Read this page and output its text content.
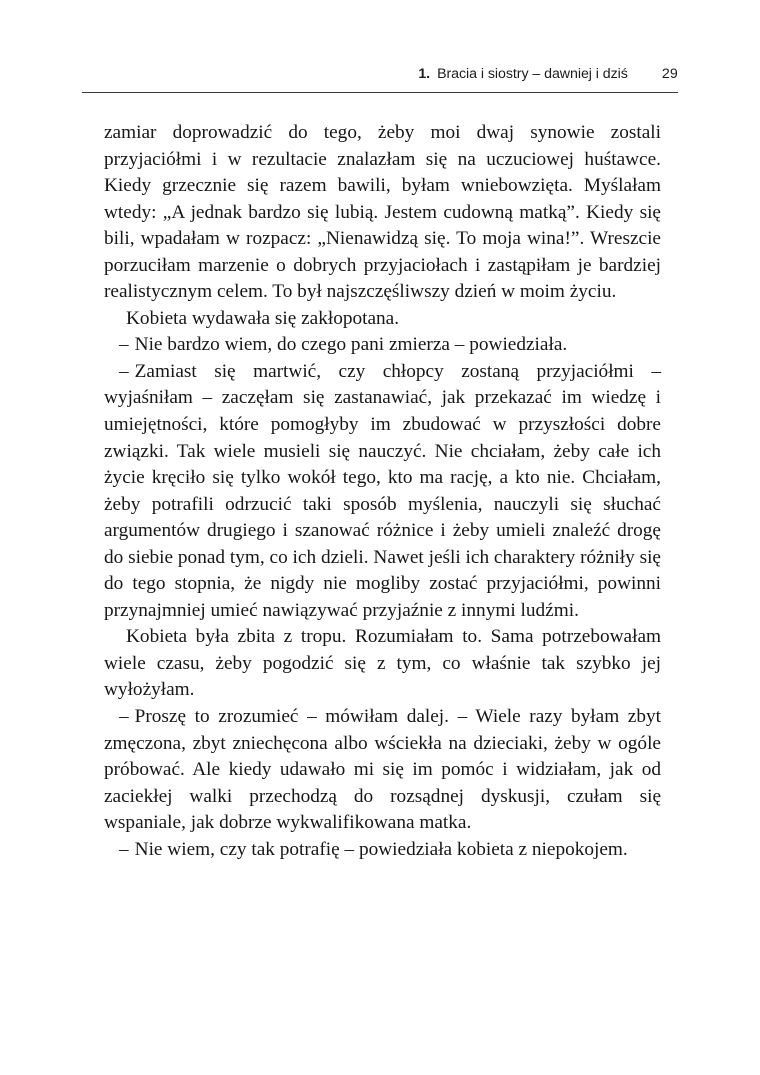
1. Bracia i siostry – dawniej i dziś 29

zamiar doprowadzić do tego, żeby moi dwaj synowie zostali przyjaciółmi i w rezultacie znalazłam się na uczuciowej huśtawce. Kiedy grzecznie się razem bawili, byłam wniebowzięta. Myślałam wtedy: „A jednak bardzo się lubią. Jestem cudowną matką”. Kiedy się bili, wpadałam w rozpacz: „Nienawidzą się. To moja wina!”. Wreszcie porzuciłam marzenie o dobrych przyjaciołach i zastąpiłam je bardziej realistycznym celem. To był najszczęśliwszy dzień w moim życiu.

Kobieta wydawała się zakłopotana.

– Nie bardzo wiem, do czego pani zmierza – powiedziała.

– Zamiast się martwić, czy chłopcy zostaną przyjaciółmi – wyjaśniłam – zaczęłam się zastanawiać, jak przekazać im wiedzę i umiejętności, które pomogłyby im zbudować w przyszłości dobre związki. Tak wiele musieli się nauczyć. Nie chciałam, żeby całe ich życie kręciło się tylko wokół tego, kto ma rację, a kto nie. Chciałam, żeby potrafili odrzucić taki sposób myślenia, nauczyli się słuchać argumentów drugiego i szanować różnice i żeby umieli znaleźć drogę do siebie ponad tym, co ich dzieli. Nawet jeśli ich charaktery różniły się do tego stopnia, że nigdy nie mogliby zostać przyjaciółmi, powinni przynajmniej umieć nawiązywać przyjaźnie z innymi ludźmi.

Kobieta była zbita z tropu. Rozumiałam to. Sama potrzebowałam wiele czasu, żeby pogodzić się z tym, co właśnie tak szybko jej wyłożyłam.

– Proszę to zrozumieć – mówiłam dalej. – Wiele razy byłam zbyt zmęczona, zbyt zniechęcona albo wściekła na dzieciaki, żeby w ogóle próbować. Ale kiedy udawało mi się im pomóc i widziałam, jak od zaciekłej walki przechodzą do rozsądnej dyskusji, czułam się wspaniale, jak dobrze wykwalifikowana matka.

– Nie wiem, czy tak potrafię – powiedziała kobieta z niepokojem.
